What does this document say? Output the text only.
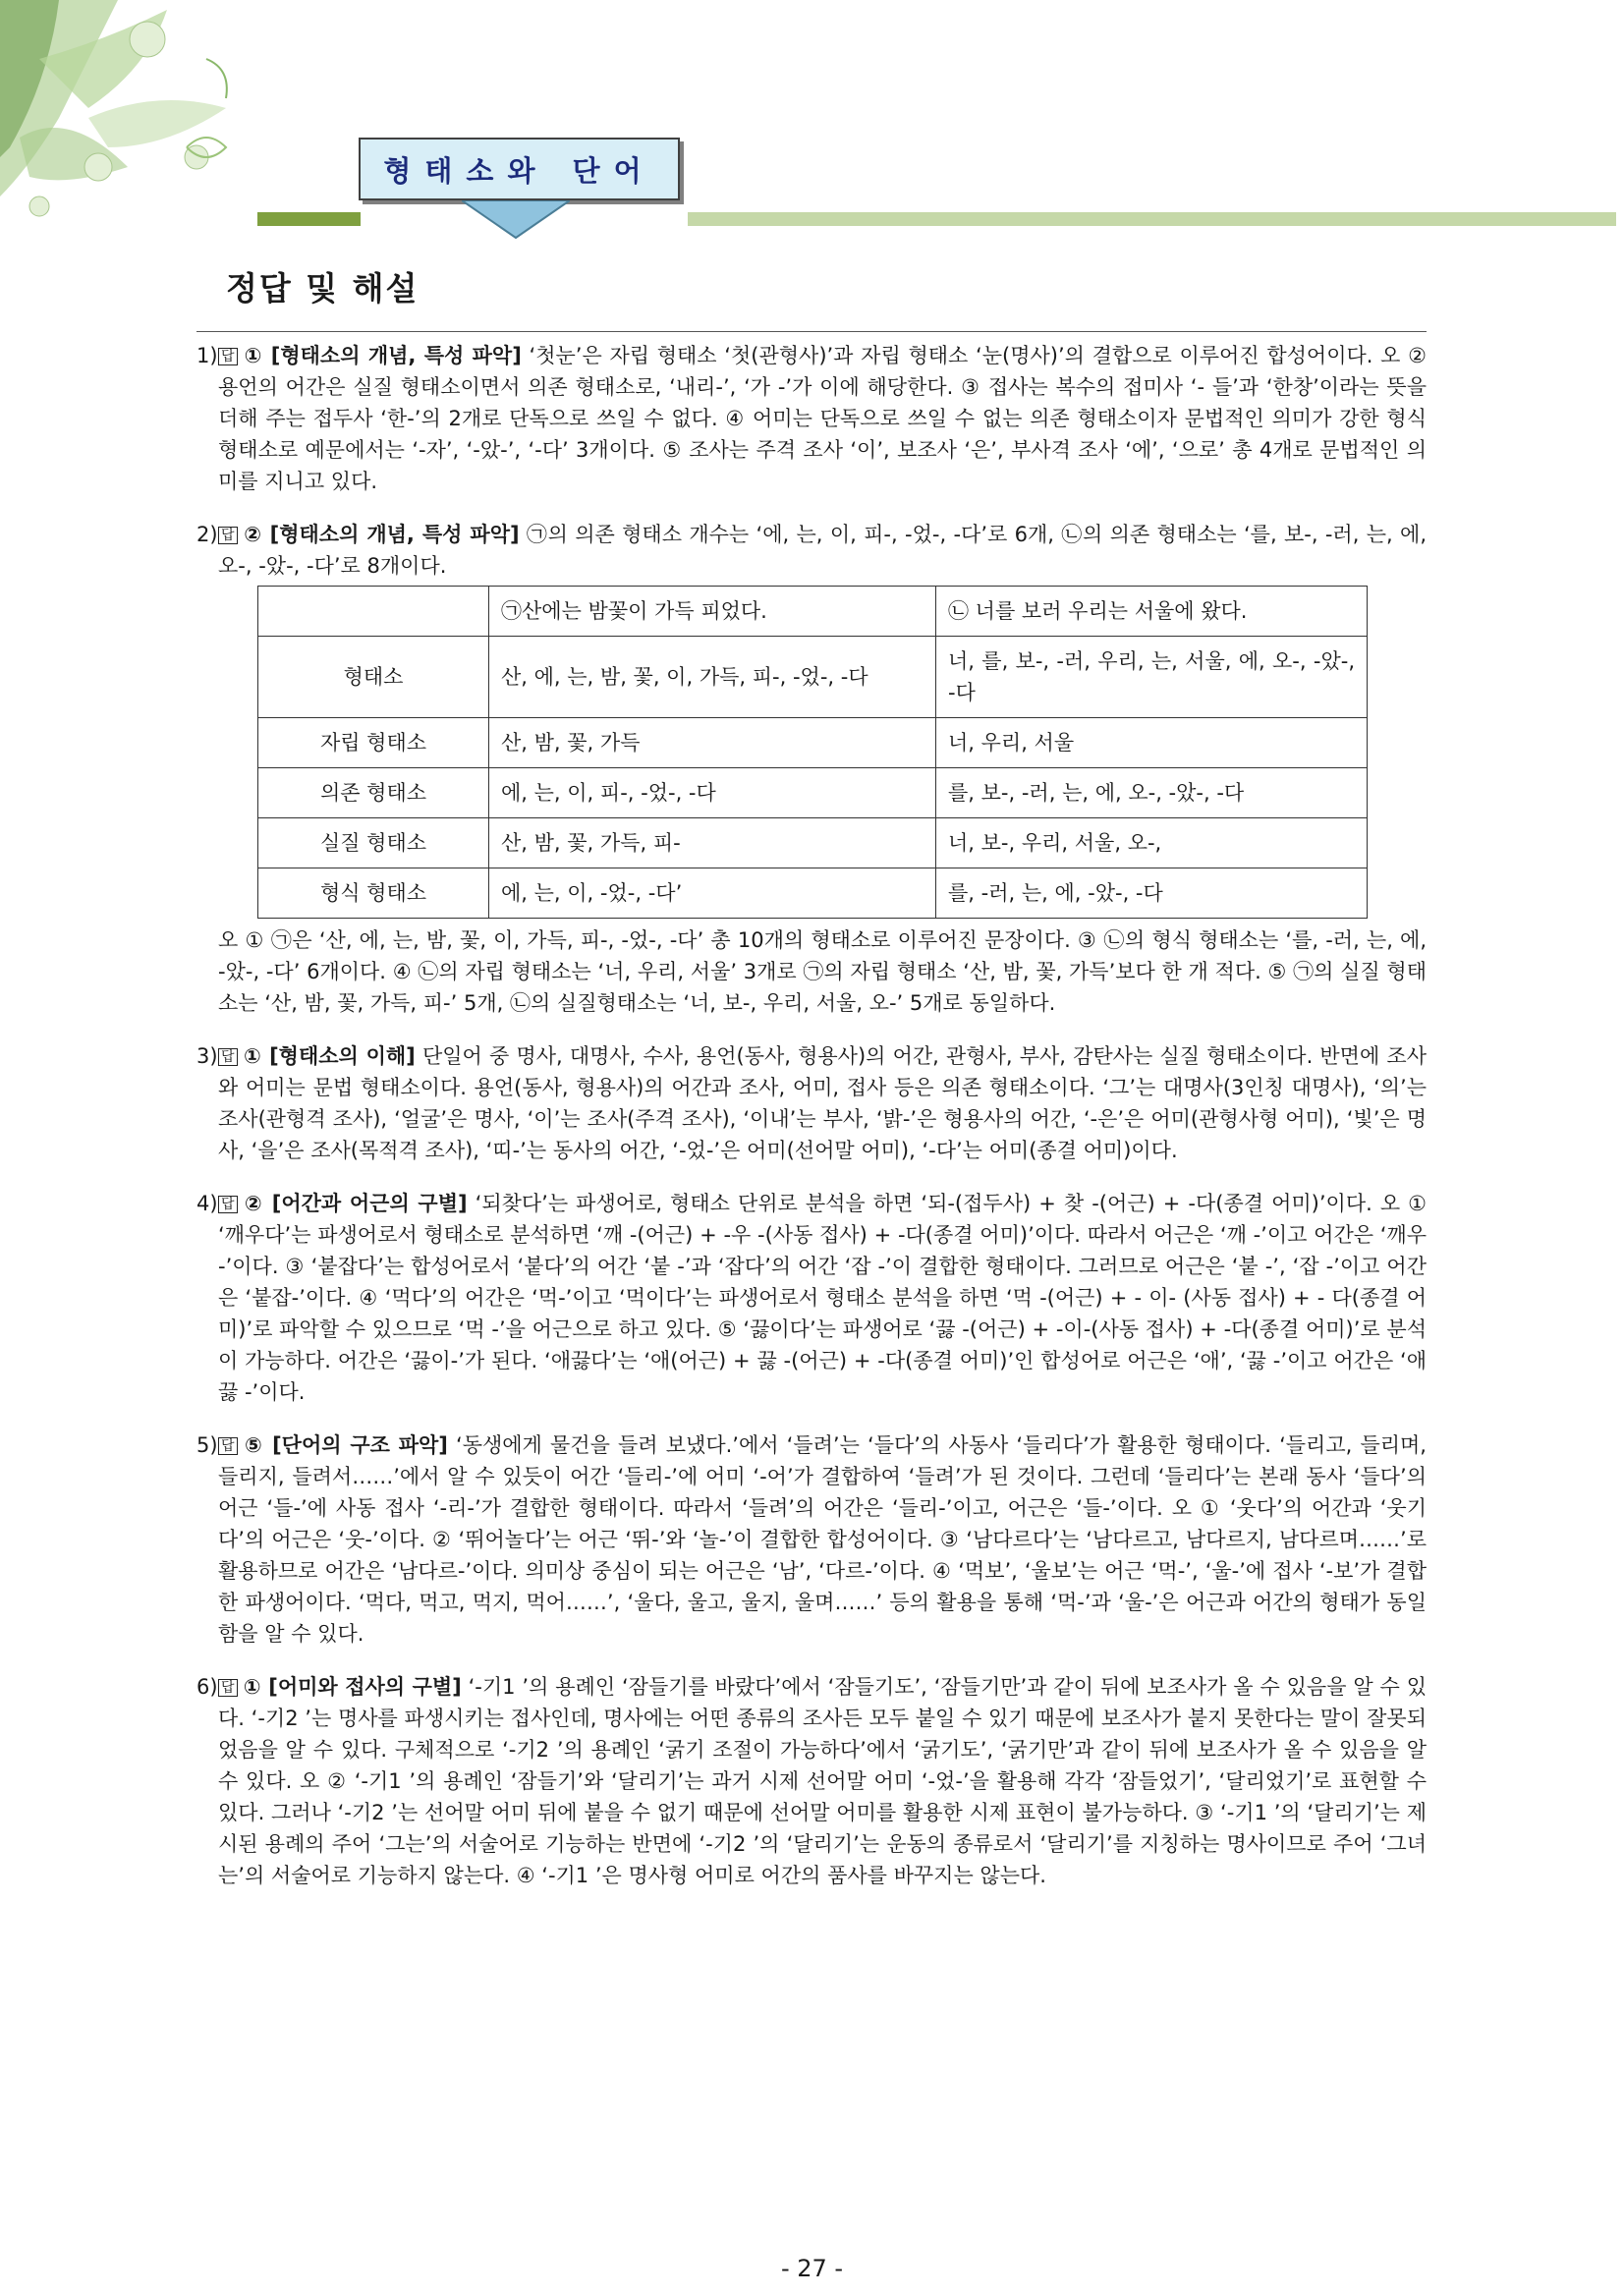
형태소와 단어
정답 및 해설
1) 답 ① [형태소의 개념, 특성 파악] ‘첫눈’은 자립 형태소 ‘첫(관형사)’과 자립 형태소 ‘눈(명사)’의 결합으로 이루어진 합성어이다. 오 ② 용언의 어간은 실질 형태소이면서 의존 형태소로, ‘내리-’, ‘가 -’가 이에 해당한다. ③ 접사는 복수의 접미사 ‘- 들’과 ‘한창’이라는 뜻을 더해 주는 접두사 ‘한-’의 2개로 단독으로 쓰일 수 없다. ④ 어미는 단독으로 쓰일 수 없는 의존 형태소이자 문법적인 의미가 강한 형식 형태소로 예문에서는 ‘-자’, ‘-았-’, ‘-다’ 3개이다. ⑤ 조사는 주격 조사 ‘이’, 보조사 ‘은’, 부사격 조사 ‘에’, ‘으로’ 총 4개로 문법적인 의미를 지니고 있다.
2) 답 ② [형태소의 개념, 특성 파악] ㉠의 의존 형태소 개수는 ‘에, 는, 이, 피-, -었-, -다’로 6개, ㉡의 의존 형태소는 ‘를, 보-, -러, 는, 에, 오-, -았-, -다’로 8개이다.
	㉠산에는 밤꽃이 가득 피었다.	㉡ 너를 보러 우리는 서울에 왔다.
형태소	산, 에, 는, 밤, 꽃, 이, 가득, 피-, -었-, -다	너, 를, 보-, -러, 우리, 는, 서울, 에, 오-, -았-, -다
자립 형태소	산, 밤, 꽃, 가득	너, 우리, 서울
의존 형태소	에, 는, 이, 피-, -었-, -다	를, 보-, -러, 는, 에, 오-, -았-, -다
실질 형태소	산, 밤, 꽃, 가득, 피-	너, 보-, 우리, 서울, 오-,
형식 형태소	에, 는, 이, -었-, -다’	를, -러, 는, 에, -았-, -다
오 ① ㉠은 ‘산, 에, 는, 밤, 꽃, 이, 가득, 피-, -었-, -다’ 총 10개의 형태소로 이루어진 문장이다. ③ ㉡의 형식 형태소는 ‘를, -러, 는, 에, -았-, -다’ 6개이다. ④ ㉡의 자립 형태소는 ‘너, 우리, 서울’ 3개로 ㉠의 자립 형태소 ‘산, 밤, 꽃, 가득’보다 한 개 적다. ⑤ ㉠의 실질 형태소는 ‘산, 밤, 꽃, 가득, 피-’ 5개, ㉡의 실질형태소는 ‘너, 보-, 우리, 서울, 오-’ 5개로 동일하다.
3) 답 ① [형태소의 이해] 단일어 중 명사, 대명사, 수사, 용언(동사, 형용사)의 어간, 관형사, 부사, 감탄사는 실질 형태소이다. 반면에 조사와 어미는 문법 형태소이다. 용언(동사, 형용사)의 어간과 조사, 어미, 접사 등은 의존 형태소이다. ‘그’는 대명사(3인칭 대명사), ‘의’는 조사(관형격 조사), ‘얼굴’은 명사, ‘이’는 조사(주격 조사), ‘이내’는 부사, ‘밝-’은 형용사의 어간, ‘-은’은 어미(관형사형 어미), ‘빛’은 명사, ‘을’은 조사(목적격 조사), ‘띠-’는 동사의 어간, ‘-었-’은 어미(선어말 어미), ‘-다’는 어미(종결 어미)이다.
4) 답 ② [어간과 어근의 구별] ‘되찾다’는 파생어로, 형태소 단위로 분석을 하면 ‘되-(접두사) + 찾 -(어근) + -다(종결 어미)’이다. 오 ① ‘깨우다’는 파생어로서 형태소로 분석하면 ‘깨 -(어근) + -우 -(사동 접사) + -다(종결 어미)’이다. 따라서 어근은 ‘깨 -’이고 어간은 ‘깨우 -’이다. ③ ‘붙잡다’는 합성어로서 ‘붙다’의 어간 ‘붙 -’과 ‘잡다’의 어간 ‘잡 -’이 결합한 형태이다. 그러므로 어근은 ‘붙 -’, ‘잡 -’이고 어간은 ‘붙잡-’이다. ④ ‘먹다’의 어간은 ‘먹-’이고 ‘먹이다’는 파생어로서 형태소 분석을 하면 ‘먹 -(어근) + - 이- (사동 접사) + - 다(종결 어미)’로 파악할 수 있으므로 ‘먹 -’을 어근으로 하고 있다. ⑤ ‘끓이다’는 파생어로 ‘끓 -(어근) + -이-(사동 접사) + -다(종결 어미)’로 분석이 가능하다. 어간은 ‘끓이-’가 된다. ‘애끓다’는 ‘애(어근) + 끓 -(어근) + -다(종결 어미)’인 합성어로 어근은 ‘애’, ‘끓 -’이고 어간은 ‘애끓 -’이다.
5) 답 ⑤ [단어의 구조 파악] ‘동생에게 물건을 들려 보냈다.’에서 ‘들려’는 ‘들다’의 사동사 ‘들리다’가 활용한 형태이다. ‘들리고, 들리며, 들리지, 들려서……’에서 알 수 있듯이 어간 ‘들리-’에 어미 ‘-어’가 결합하여 ‘들려’가 된 것이다. 그런데 ‘들리다’는 본래 동사 ‘들다’의 어근 ‘들-’에 사동 접사 ‘-리-’가 결합한 형태이다. 따라서 ‘들려’의 어간은 ‘들리-’이고, 어근은 ‘들-’이다. 오 ① ‘웃다’의 어간과 ‘웃기다’의 어근은 ‘웃-’이다. ② ‘뛰어놀다’는 어근 ‘뛰-’와 ‘놀-’이 결합한 합성어이다. ③ ‘남다르다’는 ‘남다르고, 남다르지, 남다르며……’로 활용하므로 어간은 ‘남다르-’이다. 의미상 중심이 되는 어근은 ‘남’, ‘다르-’이다. ④ ‘먹보’, ‘울보’는 어근 ‘먹-’, ‘울-’에 접사 ‘-보’가 결합한 파생어이다. ‘먹다, 먹고, 먹지, 먹어……’, ‘울다, 울고, 울지, 울며……’ 등의 활용을 통해 ‘먹-’과 ‘울-’은 어근과 어간의 형태가 동일함을 알 수 있다.
6) 답 ① [어미와 접사의 구별] ‘-기1 ’의 용례인 ‘잠들기를 바랐다’에서 ‘잠들기도’, ‘잠들기만’과 같이 뒤에 보조사가 올 수 있음을 알 수 있다. ‘-기2 ’는 명사를 파생시키는 접사인데, 명사에는 어떤 종류의 조사든 모두 붙일 수 있기 때문에 보조사가 붙지 못한다는 말이 잘못되었음을 알 수 있다. 구체적으로 ‘-기2 ’의 용례인 ‘굵기 조절이 가능하다’에서 ‘굵기도’, ‘굵기만’과 같이 뒤에 보조사가 올 수 있음을 알 수 있다. 오 ② ‘-기1 ’의 용례인 ‘잠들기’와 ‘달리기’는 과거 시제 선어말 어미 ‘-었-’을 활용해 각각 ‘잠들었기’, ‘달리었기’로 표현할 수 있다. 그러나 ‘-기2 ’는 선어말 어미 뒤에 붙을 수 없기 때문에 선어말 어미를 활용한 시제 표현이 불가능하다. ③ ‘-기1 ’의 ‘달리기’는 제시된 용례의 주어 ‘그는’의 서술어로 기능하는 반면에 ‘-기2 ’의 ‘달리기’는 운동의 종류로서 ‘달리기’를 지칭하는 명사이므로 주어 ‘그녀는’의 서술어로 기능하지 않는다. ④ ‘-기1 ’은 명사형 어미로 어간의 품사를 바꾸지는 않는다.
- 27 -
